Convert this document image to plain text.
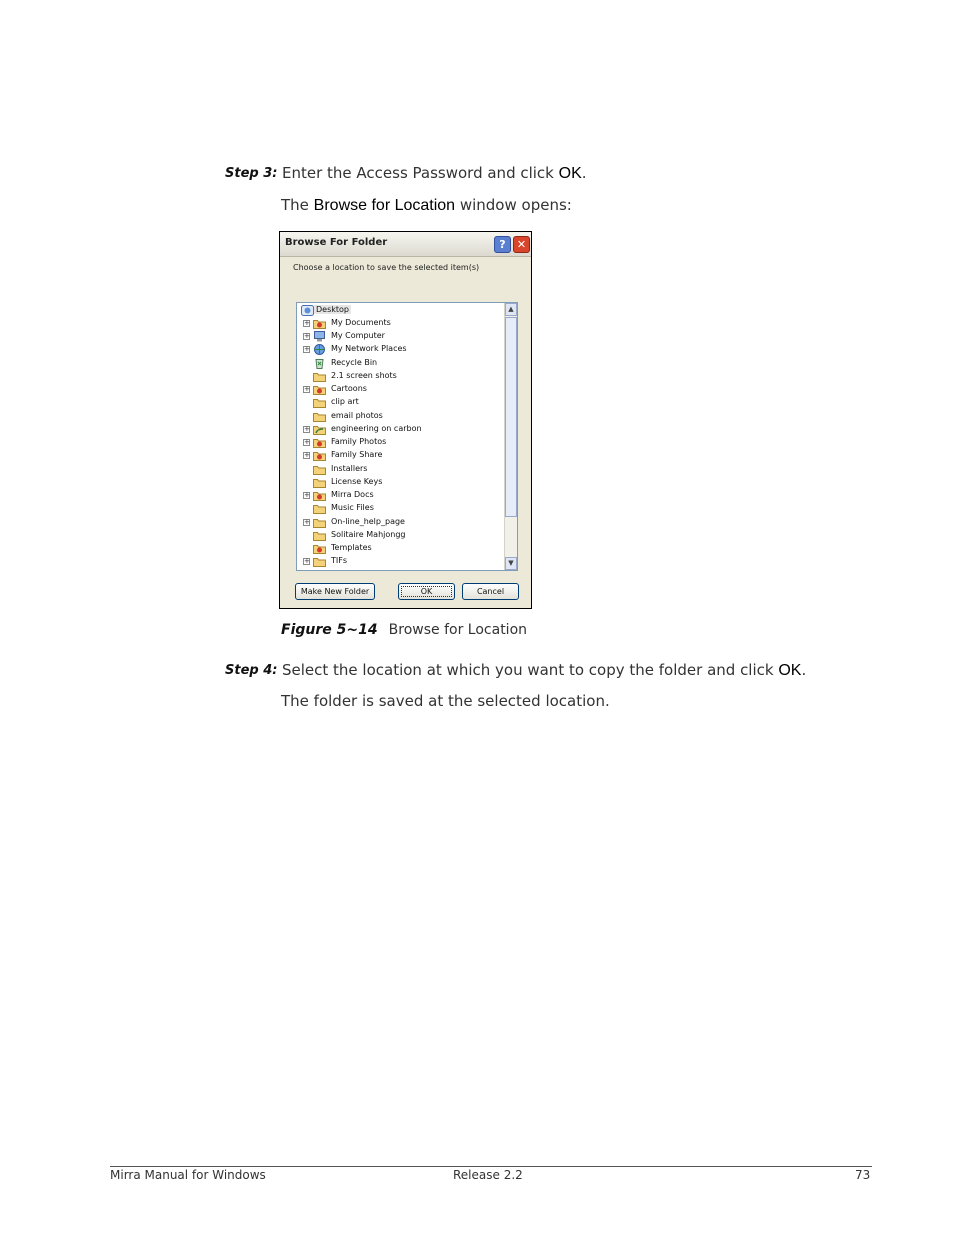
Step 3: Enter the Access Password and click OK.
The Browse for Location window opens:
Browse For Folder	?	✕
Choose a location to save the selected item(s)
Desktop
+	My Documents
+	My Computer
+	My Network Places
Recycle Bin
2.1 screen shots
+	Cartoons
clip art
email photos
+	engineering on carbon
+	Family Photos
+	Family Share
Installers
License Keys
+	Mirra Docs
Music Files
+	On-line_help_page
Solitaire Mahjongg
Templates
+	TIFs
▲
▼
Make New Folder	OK	Cancel
Figure 5~14 Browse for Location
Step 4: Select the location at which you want to copy the folder and click OK.
The folder is saved at the selected location.
Mirra Manual for Windows	Release 2.2	73
